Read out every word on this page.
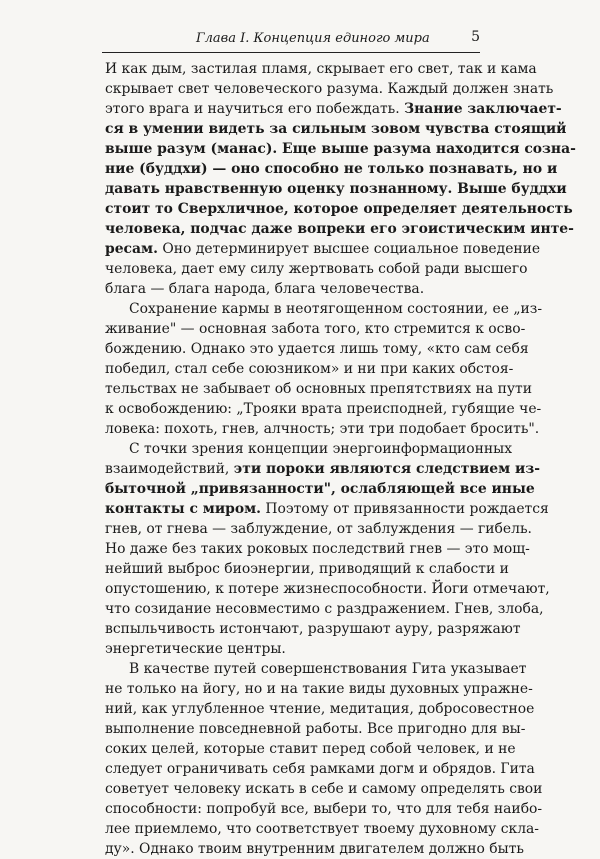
Глава I. Концепция единого мира	5
И как дым, застилая пламя, скрывает его свет, так и кама
скрывает свет человеческого разума. Каждый должен знать
этого врага и научиться его побеждать. Знание заключает-
ся в умении видеть за сильным зовом чувства стоящий
выше разум (манас). Еще выше разума находится созна-
ние (буддхи) — оно способно не только познавать, но и
давать нравственную оценку познанному. Выше буддхи
стоит то Сверхличное, которое определяет деятельность
человека, подчас даже вопреки его эгоистическим инте-
ресам. Оно детерминирует высшее социальное поведение
человека, дает ему силу жертвовать собой ради высшего
блага — блага народа, блага человечества.
Сохранение кармы в неотягощенном состоянии, ее „из-
живание" — основная забота того, кто стремится к осво-
бождению. Однако это удается лишь тому, «кто сам себя
победил, стал себе союзником» и ни при каких обстоя-
тельствах не забывает об основных препятствиях на пути
к освобождению: „Трояки врата преисподней, губящие че-
ловека: похоть, гнев, алчность; эти три подобает бросить".
С точки зрения концепции энергоинформационных
взаимодействий, эти пороки являются следствием из-
быточной „привязанности", ослабляющей все иные
контакты с миром. Поэтому от привязанности рождается
гнев, от гнева — заблуждение, от заблуждения — гибель.
Но даже без таких роковых последствий гнев — это мощ-
нейший выброс биоэнергии, приводящий к слабости и
опустошению, к потере жизнеспособности. Йоги отмечают,
что созидание несовместимо с раздражением. Гнев, злоба,
вспыльчивость истончают, разрушают ауру, разряжают
энергетические центры.
В качестве путей совершенствования Гита указывает
не только на йогу, но и на такие виды духовных упражне-
ний, как углубленное чтение, медитация, добросовестное
выполнение повседневной работы. Все пригодно для вы-
соких целей, которые ставит перед собой человек, и не
следует ограничивать себя рамками догм и обрядов. Гита
советует человеку искать в себе и самому определять свои
способности: попробуй все, выбери то, что для тебя наибо-
лее приемлемо, что соответствует твоему духовному скла-
ду». Однако твоим внутренним двигателем должно быть
